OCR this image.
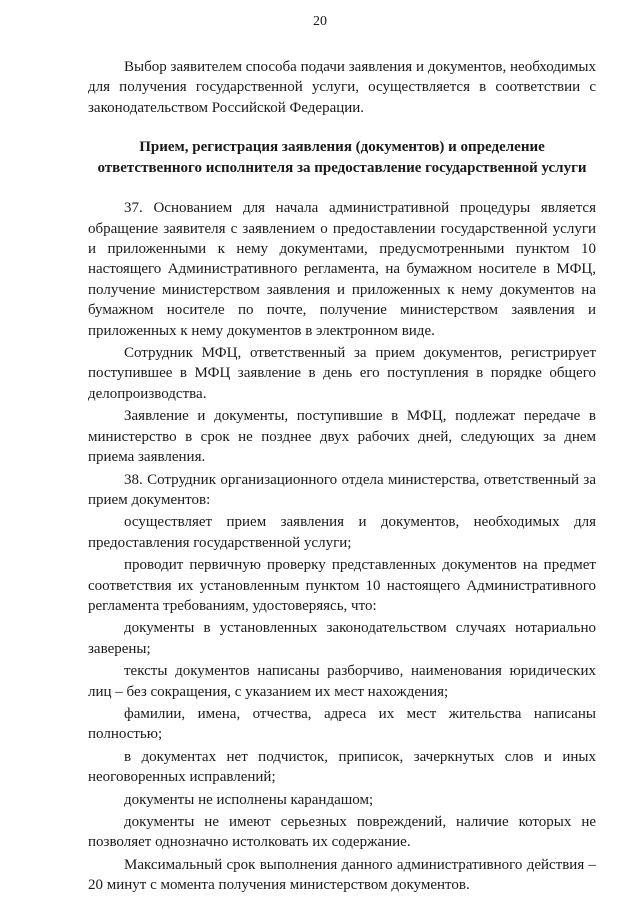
20

Выбор заявителем способа подачи заявления и документов, необходимых для получения государственной услуги, осуществляется в соответствии с законодательством Российской Федерации.

Прием, регистрация заявления (документов) и определение
ответственного исполнителя за предоставление государственной услуги

37. Основанием для начала административной процедуры является обращение заявителя с заявлением о предоставлении государственной услуги и приложенными к нему документами, предусмотренными пунктом 10 настоящего Административного регламента, на бумажном носителе в МФЦ, получение министерством заявления и приложенных к нему документов на бумажном носителе по почте, получение министерством заявления и приложенных к нему документов в электронном виде.

Сотрудник МФЦ, ответственный за прием документов, регистрирует поступившее в МФЦ заявление в день его поступления в порядке общего делопроизводства.

Заявление и документы, поступившие в МФЦ, подлежат передаче в министерство в срок не позднее двух рабочих дней, следующих за днем приема заявления.

38. Сотрудник организационного отдела министерства, ответственный за прием документов:

осуществляет прием заявления и документов, необходимых для предоставления государственной услуги;

проводит первичную проверку представленных документов на предмет соответствия их установленным пунктом 10 настоящего Административного регламента требованиям, удостоверяясь, что:

документы в установленных законодательством случаях нотариально заверены;

тексты документов написаны разборчиво, наименования юридических лиц – без сокращения, с указанием их мест нахождения;

фамилии, имена, отчества, адреса их мест жительства написаны полностью;

в документах нет подчисток, приписок, зачеркнутых слов и иных неоговоренных исправлений;

документы не исполнены карандашом;

документы не имеют серьезных повреждений, наличие которых не позволяет однозначно истолковать их содержание.

Максимальный срок выполнения данного административного действия – 20 минут с момента получения министерством документов.
